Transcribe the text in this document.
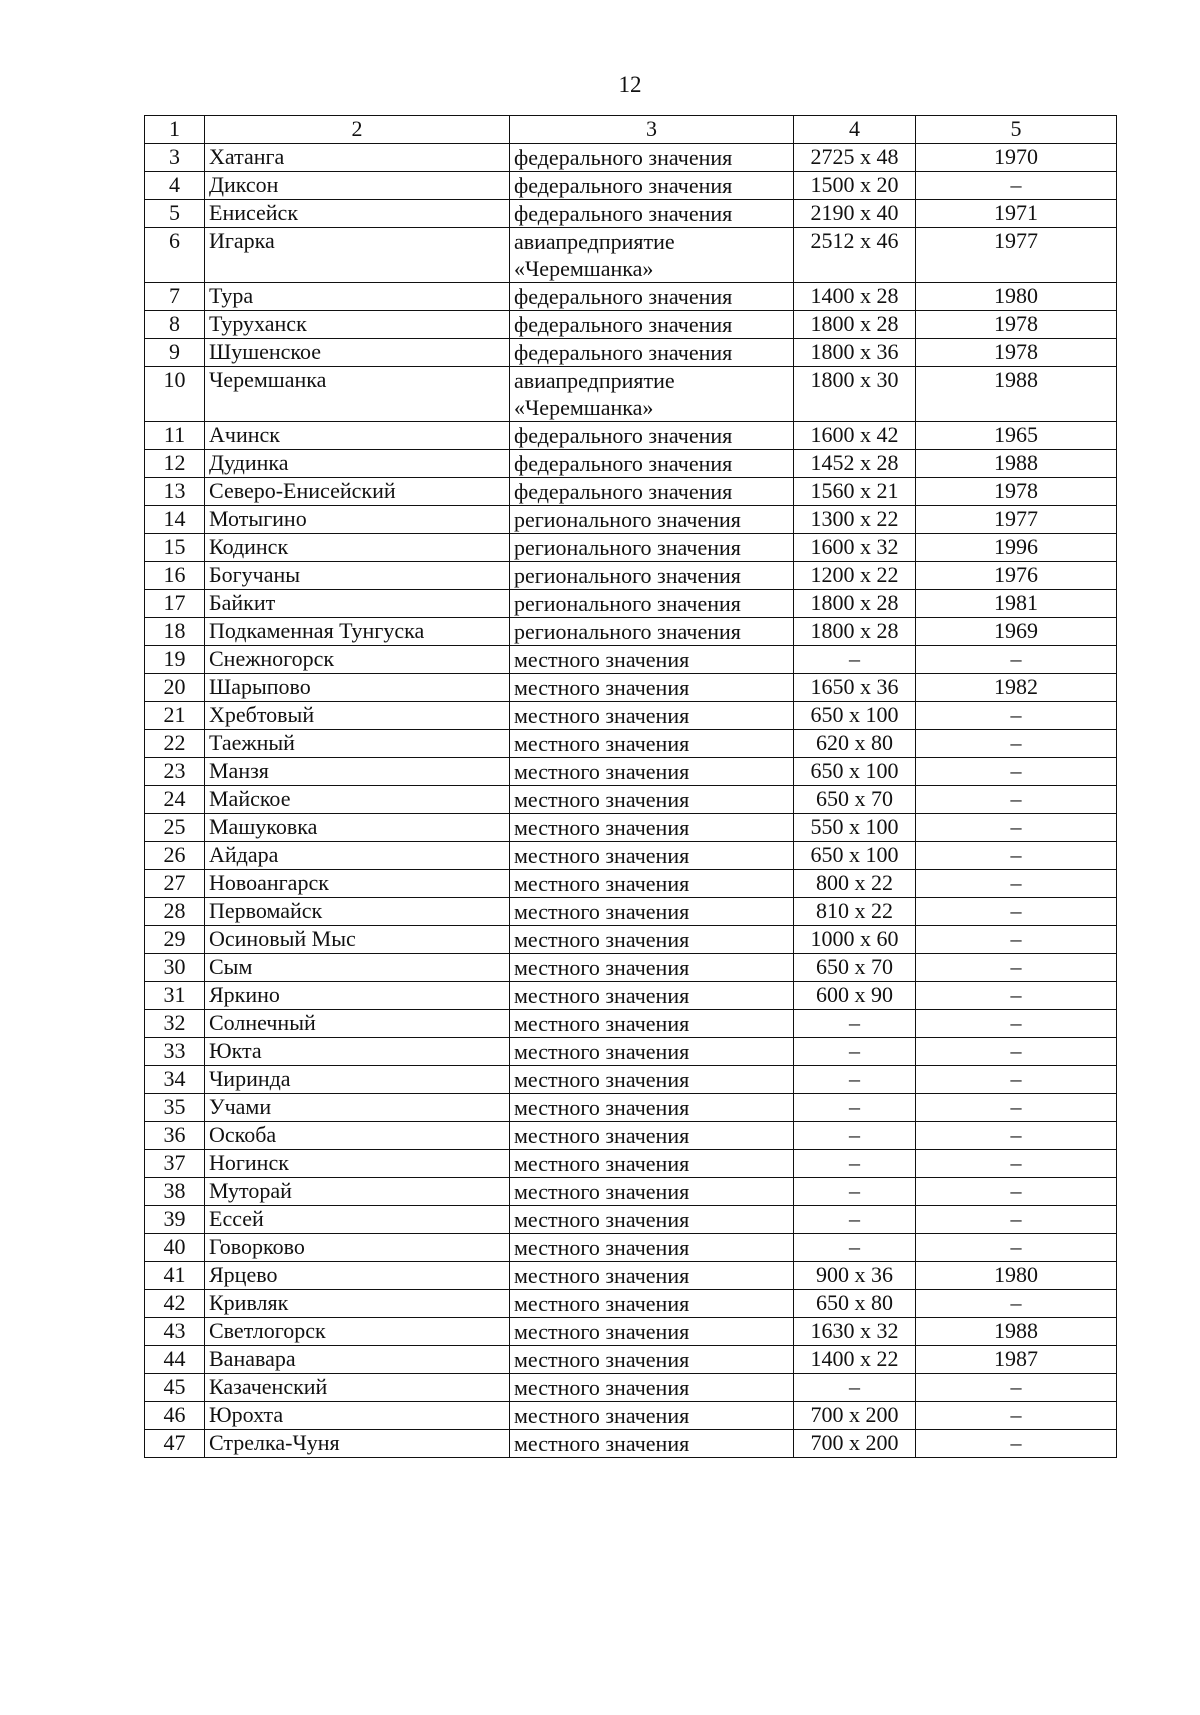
12
1	2	3	4	5
3	Хатанга	федерального значения	2725 x 48	1970
4	Диксон	федерального значения	1500 x 20	–
5	Енисейск	федерального значения	2190 x 40	1971
6	Игарка	авиапредприятие «Черемшанка»	2512 x 46	1977
7	Тура	федерального значения	1400 x 28	1980
8	Туруханск	федерального значения	1800 x 28	1978
9	Шушенское	федерального значения	1800 x 36	1978
10	Черемшанка	авиапредприятие «Черемшанка»	1800 x 30	1988
11	Ачинск	федерального значения	1600 x 42	1965
12	Дудинка	федерального значения	1452 x 28	1988
13	Северо-Енисейский	федерального значения	1560 x 21	1978
14	Мотыгино	регионального значения	1300 x 22	1977
15	Кодинск	регионального значения	1600 x 32	1996
16	Богучаны	регионального значения	1200 x 22	1976
17	Байкит	регионального значения	1800 x 28	1981
18	Подкаменная Тунгуска	регионального значения	1800 x 28	1969
19	Снежногорск	местного значения	–	–
20	Шарыпово	местного значения	1650 x 36	1982
21	Хребтовый	местного значения	650 x 100	–
22	Таежный	местного значения	620 x 80	–
23	Манзя	местного значения	650 x 100	–
24	Майское	местного значения	650 x 70	–
25	Машуковка	местного значения	550 x 100	–
26	Айдара	местного значения	650 x 100	–
27	Новоангарск	местного значения	800 x 22	–
28	Первомайск	местного значения	810 x 22	–
29	Осиновый Мыс	местного значения	1000 x 60	–
30	Сым	местного значения	650 x 70	–
31	Яркино	местного значения	600 x 90	–
32	Солнечный	местного значения	–	–
33	Юкта	местного значения	–	–
34	Чиринда	местного значения	–	–
35	Учами	местного значения	–	–
36	Оскоба	местного значения	–	–
37	Ногинск	местного значения	–	–
38	Муторай	местного значения	–	–
39	Ессей	местного значения	–	–
40	Говорково	местного значения	–	–
41	Ярцево	местного значения	900 x 36	1980
42	Кривляк	местного значения	650 x 80	–
43	Светлогорск	местного значения	1630 x 32	1988
44	Ванавара	местного значения	1400 x 22	1987
45	Казаченский	местного значения	–	–
46	Юрохта	местного значения	700 x 200	–
47	Стрелка-Чуня	местного значения	700 x 200	–
